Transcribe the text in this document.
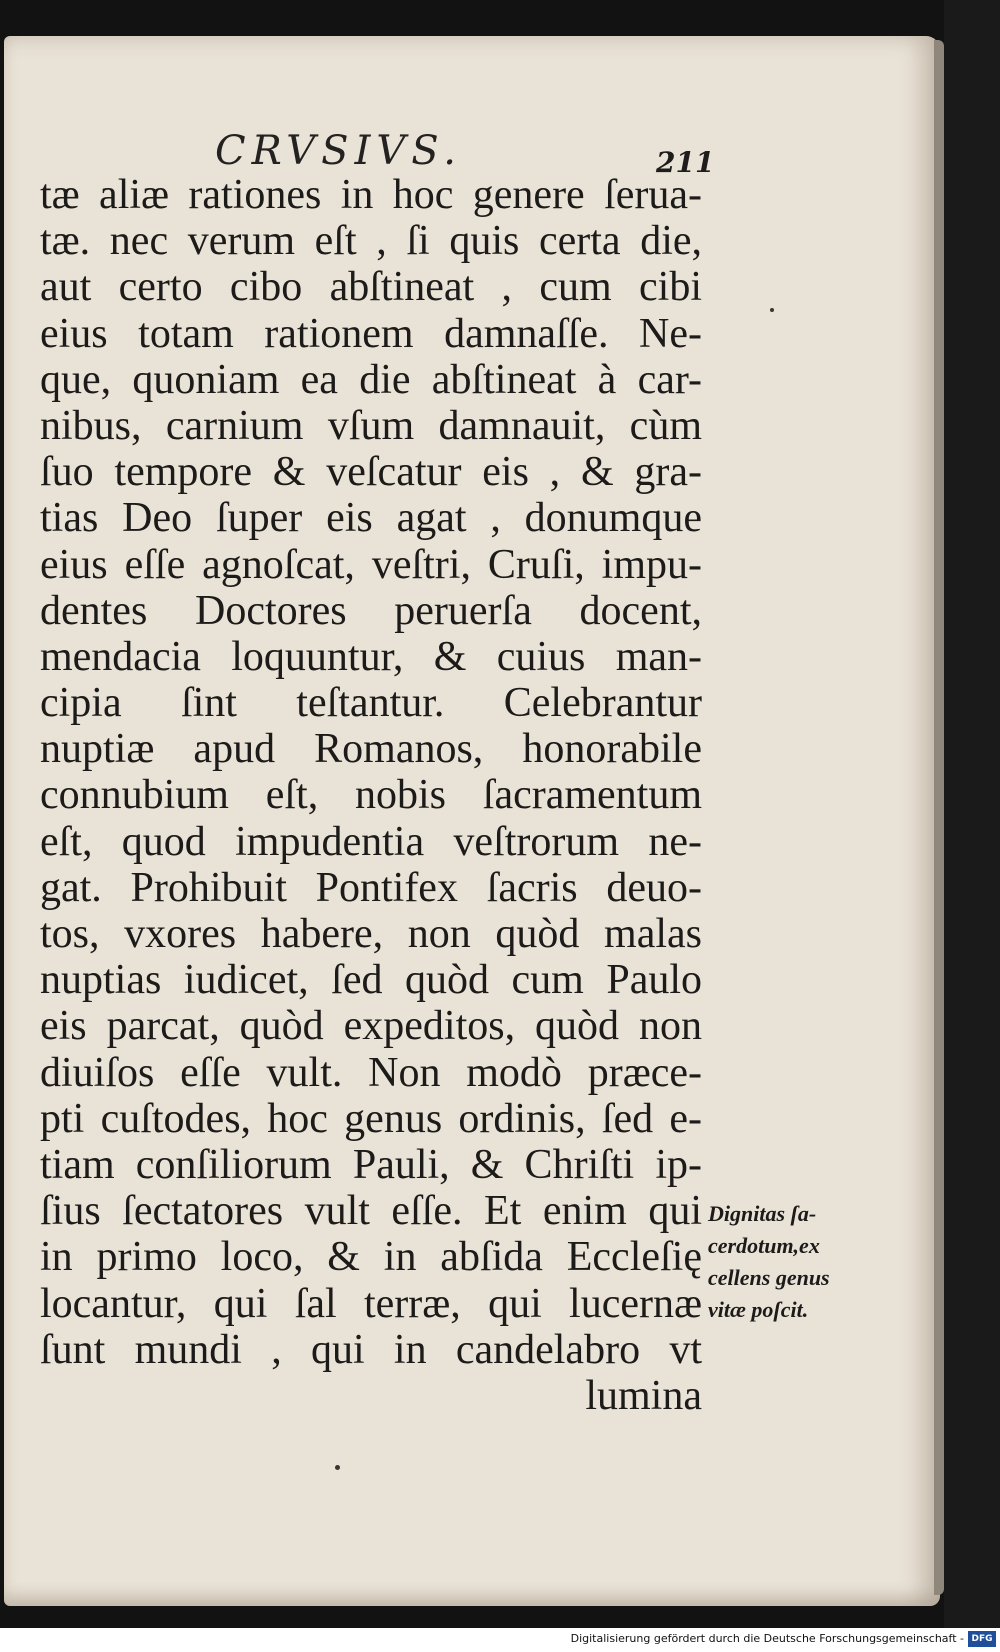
CRVSIVS.	211
tæ aliæ rationes in hoc genere ſerua-
tæ. nec verum eſt , ſi quis certa die,
aut certo cibo abſtineat , cum cibi
eius totam rationem damnaſſe. Ne-
que, quoniam ea die abſtineat à car-
nibus, carnium vſum damnauit, cùm
ſuo tempore & veſcatur eis , & gra-
tias Deo ſuper eis agat , donumque
eius eſſe agnoſcat, veſtri, Cruſi, impu-
dentes Doctores peruerſa docent,
mendacia loquuntur, & cuius man-
cipia ſint teſtantur. Celebrantur
nuptiæ apud Romanos, honorabile
connubium eſt, nobis ſacramentum
eſt, quod impudentia veſtrorum ne-
gat. Prohibuit Pontifex ſacris deuo-
tos, vxores habere, non quòd malas
nuptias iudicet, ſed quòd cum Paulo
eis parcat, quòd expeditos, quòd non
diuiſos eſſe vult. Non modò præce-
pti cuſtodes, hoc genus ordinis, ſed e-
tiam conſiliorum Pauli, & Chriſti ip-
ſius ſectatores vult eſſe. Et enim qui
in primo loco, & in abſida Eccleſię
locantur, qui ſal terræ, qui lucernæ
ſunt mundi , qui in candelabro vt
lumina
Dignitas ſa-
cerdotum,ex
cellens genus
vitæ poſcit.
Digitalisierung gefördert durch die Deutsche Forschungsgemeinschaft - DFG
